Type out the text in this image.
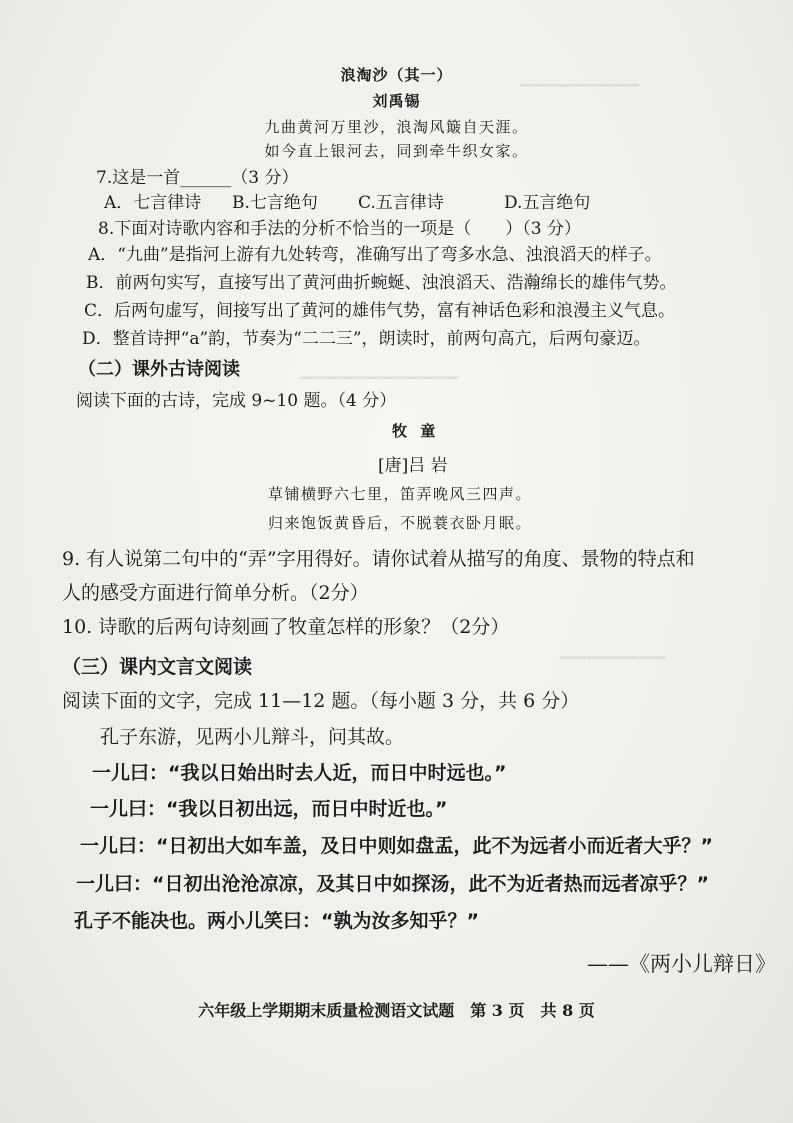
▔▔▔▔▔▔▔▔▔
▁▁▁▁▁▁▁▁▁▁▁▁
▁▁▁▁▁▁▁▁
浪淘沙（其一）
刘禹锡
九曲黄河万里沙，浪淘风簸自天涯。
如今直上银河去，同到牵牛织女家。
7.这是一首______（3 分）
A．七言律诗 B.七言绝句 C.五言律诗	D.五言绝句
8.下面对诗歌内容和手法的分析不恰当的一项是（　　）（3 分）
A．“九曲”是指河上游有九处转弯，准确写出了弯多水急、浊浪滔天的样子。
B．前两句实写，直接写出了黄河曲折蜿蜒、浊浪滔天、浩瀚绵长的雄伟气势。
C．后两句虚写，间接写出了黄河的雄伟气势，富有神话色彩和浪漫主义气息。
D．整首诗押“a”韵，节奏为“二二三”，朗读时，前两句高亢，后两句豪迈。
（二）课外古诗阅读
阅读下面的古诗，完成 9~10 题。（4 分）
牧 童
[唐]吕 岩
草铺横野六七里，笛弄晚风三四声。
归来饱饭黄昏后，不脱蓑衣卧月眠。
9. 有人说第二句中的“弄”字用得好。请你试着从描写的角度、景物的特点和
人的感受方面进行简单分析。（2分）
10. 诗歌的后两句诗刻画了牧童怎样的形象？（2分）
（三）课内文言文阅读
阅读下面的文字，完成 11—12 题。（每小题 3 分，共 6 分）
孔子东游，见两小儿辩斗，问其故。
一儿曰：“我以日始出时去人近，而日中时远也。”
一儿曰：“我以日初出远，而日中时近也。”
一儿曰：“日初出大如车盖，及日中则如盘盂，此不为远者小而近者大乎？”
一儿曰：“日初出沧沧凉凉，及其日中如探汤，此不为近者热而远者凉乎？”
孔子不能决也。两小儿笑曰：“孰为汝多知乎？”
——《两小儿辩日》
六年级上学期期末质量检测语文试题　第 3 页　共 8 页
